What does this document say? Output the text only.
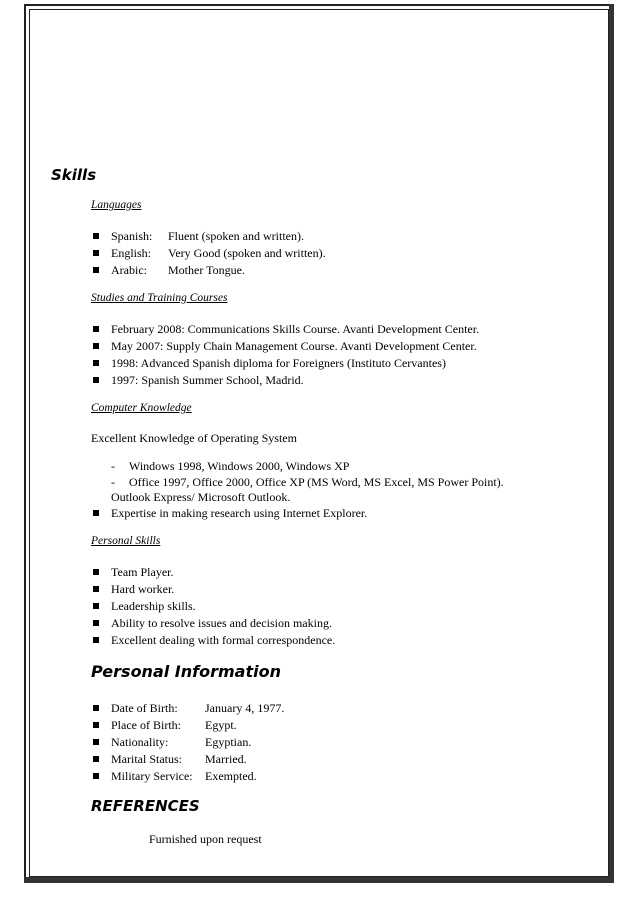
Skills
Languages
Spanish: Fluent (spoken and written).
English: Very Good (spoken and written).
Arabic: Mother Tongue.
Studies and Training Courses
February 2008: Communications Skills Course. Avanti Development Center.
May 2007: Supply Chain Management Course. Avanti Development Center.
1998: Advanced Spanish diploma for Foreigners (Instituto Cervantes)
1997: Spanish Summer School, Madrid.
Computer Knowledge
Excellent Knowledge of Operating System
- Windows 1998, Windows 2000, Windows XP
- Office 1997, Office 2000, Office XP (MS Word, MS Excel, MS Power Point).
Outlook Express/ Microsoft Outlook.
Expertise in making research using Internet Explorer.
Personal Skills
Team Player.
Hard worker.
Leadership skills.
Ability to resolve issues and decision making.
Excellent dealing with formal correspondence.
Personal Information
Date of Birth: January 4, 1977.
Place of Birth: Egypt.
Nationality:	Egyptian.
Marital Status: Married.
Military Service: Exempted.
REFERENCES
Furnished upon request
